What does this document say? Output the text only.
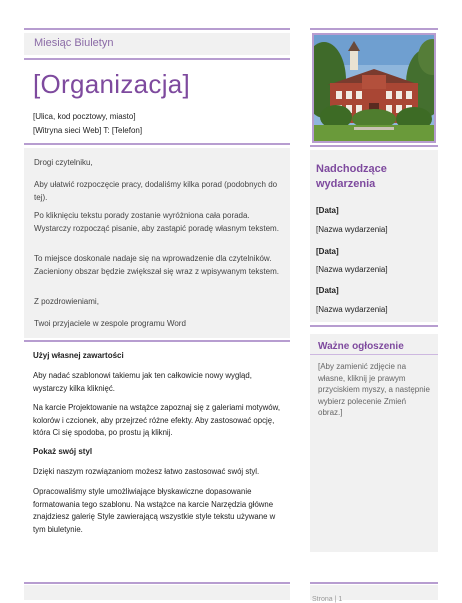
Miesiąc Biuletyn
[Organizacja]
[Ulica, kod pocztowy, miasto]
[Witryna sieci Web] T: [Telefon]

Drogi czytelniku,

Aby ułatwić rozpoczęcie pracy, dodaliśmy kilka porad (podobnych do tej).

Po kliknięciu tekstu porady zostanie wyróżniona cała porada. Wystarczy rozpocząć pisanie, aby zastąpić poradę własnym tekstem.

To miejsce doskonale nadaje się na wprowadzenie dla czytelników. Zacieniony obszar będzie zwiększał się wraz z wpisywanym tekstem.

Z pozdrowieniami,

Twoi przyjaciele w zespole programu Word

Użyj własnej zawartości

Aby nadać szablonowi takiemu jak ten całkowicie nowy wygląd, wystarczy kilka kliknięć.

Na karcie Projektowanie na wstążce zapoznaj się z galeriami motywów, kolorów i czcionek, aby przejrzeć różne efekty. Aby zastosować opcję, która Ci się spodoba, po prostu ją kliknij.

Pokaż swój styl

Dzięki naszym rozwiązaniom możesz łatwo zastosować swój styl.

Opracowaliśmy style umożliwiające błyskawiczne dopasowanie formatowania tego szablonu. Na wstążce na karcie Narzędzia główne znajdziesz galerię Style zawierającą wszystkie style tekstu używane w tym biuletynie.

Nadchodzące
wydarzenia
[Data]
[Nazwa wydarzenia]
[Data]
[Nazwa wydarzenia]
[Data]
[Nazwa wydarzenia]
Ważne ogłoszenie

[Aby zamienić zdjęcie na własne, kliknij je prawym przyciskiem myszy, a następnie wybierz polecenie Zmień obraz.]

Strona | 1
